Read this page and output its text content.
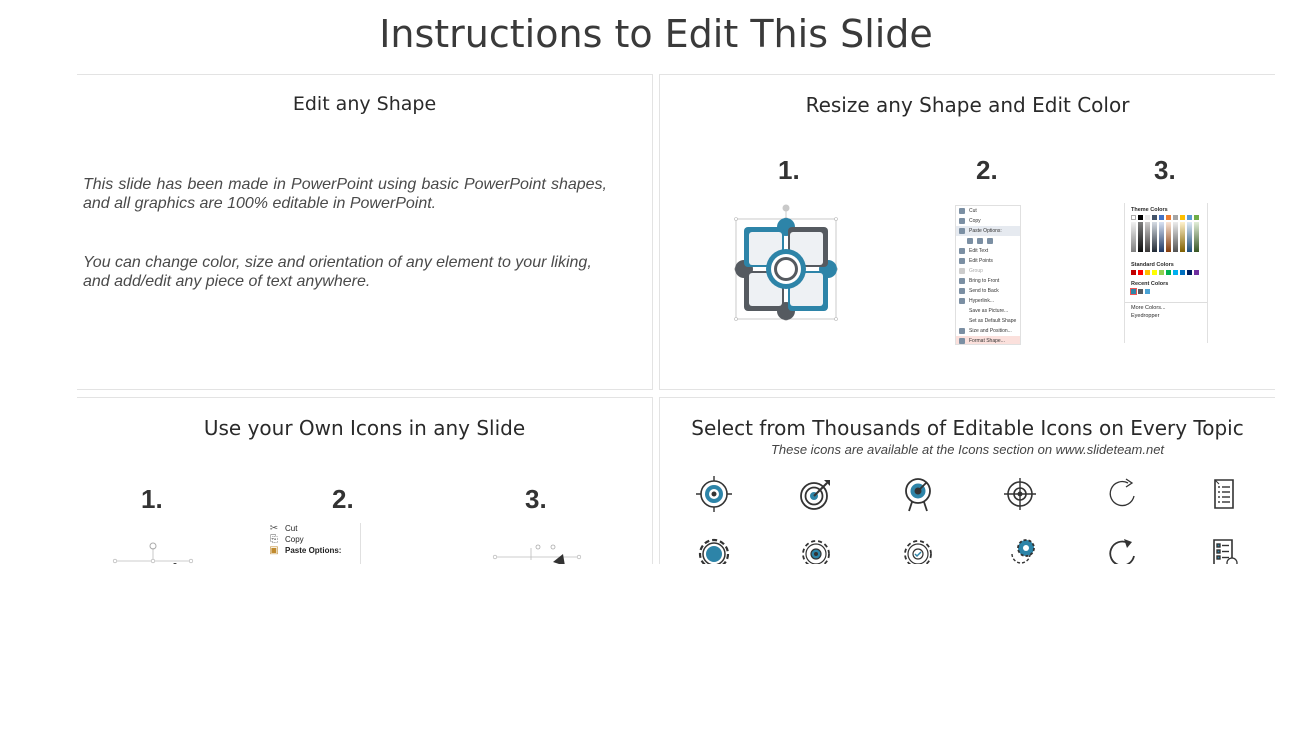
Instructions to Edit This Slide
Edit any Shape
This slide has been made in PowerPoint using basic PowerPoint shapes, and all graphics are 100% editable in PowerPoint.
You can change color, size and orientation of any element to your liking, and add/edit any piece of text anywhere.
Resize any Shape and Edit Color
1.	2.	3.
Cut
Copy
Paste Options:
Edit Text
Edit Points
Group
Bring to Front
Send to Back
Hyperlink...
Save as Picture...
Set as Default Shape
Size and Position...
Format Shape...
Theme Colors
Standard Colors
Recent Colors
More Colors...
Eyedropper
Use your Own Icons in any Slide
1.	2.	3.
✂ Cut
⎘ Copy
▣ Paste Options:
Select from Thousands of Editable Icons on Every Topic
These icons are available at the Icons section on www.slideteam.net
